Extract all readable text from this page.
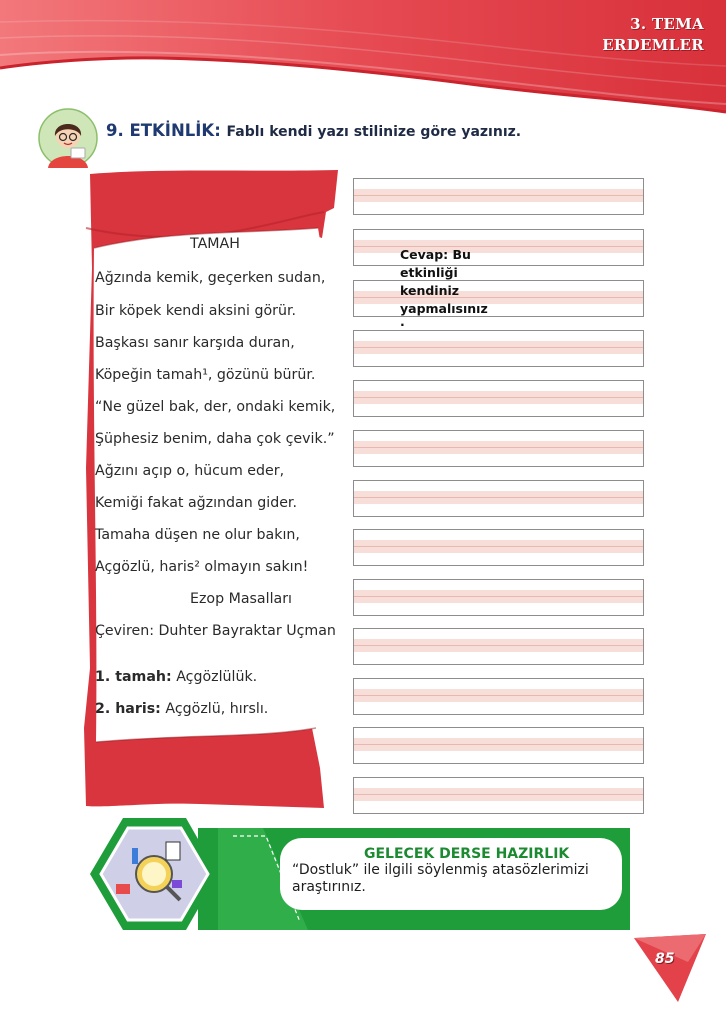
3. TEMA
ERDEMLER
9. ETKİNLİK: Fablı kendi yazı stilinize göre yazınız.
TAMAH
Ağzında kemik, geçerken sudan,
Bir köpek kendi aksini görür.
Başkası sanır karşıda duran,
Köpeğin tamah¹, gözünü bürür.
“Ne güzel bak, der, ondaki kemik,
Şüphesiz benim, daha çok çevik.”
Ağzını açıp o, hücum eder,
Kemiği fakat ağzından gider.
Tamaha düşen ne olur bakın,
Açgözlü, haris² olmayın sakın!
Ezop Masalları
Çeviren: Duhter Bayraktar Uçman
1. tamah: Açgözlülük.
2. haris: Açgözlü, hırslı.
Cevap: Bu etkinliği kendiniz yapmalısınız
.
GELECEK DERSE HAZIRLIK
“Dostluk” ile ilgili söylenmiş atasözlerimizi araştırınız.
85
